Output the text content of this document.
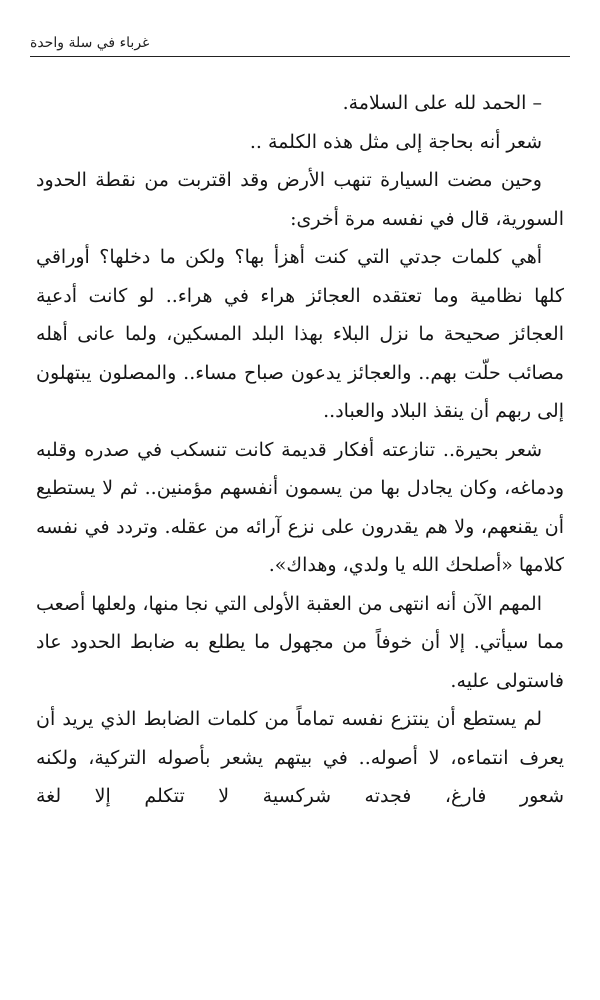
غرباء في سلة واحدة

– الحمد لله على السلامة.

شعر أنه بحاجة إلى مثل هذه الكلمة ..

وحين مضت السيارة تنهب الأرض وقد اقتربت من نقطة الحدود السورية، قال في نفسه مرة أخرى:

أهي كلمات جدتي التي كنت أهزأ بها؟ ولكن ما دخلها؟ أوراقي كلها نظامية وما تعتقده العجائز هراء في هراء.. لو كانت أدعية العجائز صحيحة ما نزل البلاء بهذا البلد المسكين، ولما عانى أهله مصائب حلّت بهم.. والعجائز يدعون صباح مساء.. والمصلون يبتهلون إلى ربهم أن ينقذ البلاد والعباد..

شعر بحيرة.. تنازعته أفكار قديمة كانت تنسكب في صدره وقلبه ودماغه، وكان يجادل بها من يسمون أنفسهم مؤمنين.. ثم لا يستطيع أن يقنعهم، ولا هم يقدرون على نزع آرائه من عقله. وتردد في نفسه كلامها «أصلحك الله يا ولدي، وهداك».

المهم الآن أنه انتهى من العقبة الأولى التي نجا منها، ولعلها أصعب مما سيأتي. إلا أن خوفاً من مجهول ما يطلع به ضابط الحدود عاد فاستولى عليه.

لم يستطع أن ينتزع نفسه تماماً من كلمات الضابط الذي يريد أن يعرف انتماءه، لا أصوله.. في بيتهم يشعر بأصوله التركية، ولكنه شعور فارغ، فجدته شركسية لا تتكلم إلا لغة
